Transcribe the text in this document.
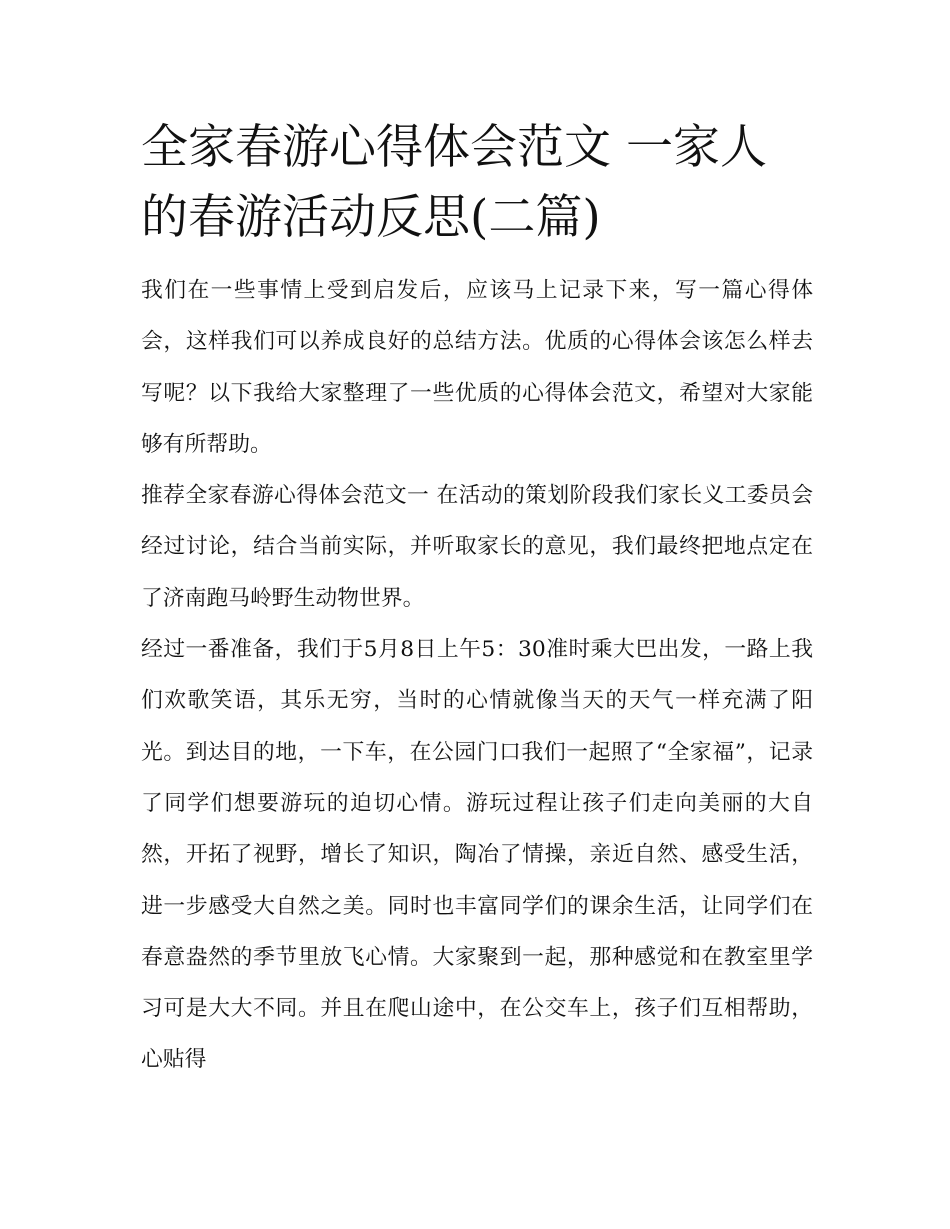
全家春游心得体会范文 一家人的春游活动反思(二篇)

我们在一些事情上受到启发后，应该马上记录下来，写一篇心得体会，这样我们可以养成良好的总结方法。优质的心得体会该怎么样去写呢？以下我给大家整理了一些优质的心得体会范文，希望对大家能够有所帮助。

推荐全家春游心得体会范文一 在活动的策划阶段我们家长义工委员会经过讨论，结合当前实际，并听取家长的意见，我们最终把地点定在了济南跑马岭野生动物世界。

经过一番准备，我们于5月8日上午5：30准时乘大巴出发，一路上我们欢歌笑语，其乐无穷，当时的心情就像当天的天气一样充满了阳光。到达目的地，一下车，在公园门口我们一起照了“全家福”，记录了同学们想要游玩的迫切心情。游玩过程让孩子们走向美丽的大自然，开拓了视野，增长了知识，陶冶了情操，亲近自然、感受生活，进一步感受大自然之美。同时也丰富同学们的课余生活，让同学们在春意盎然的季节里放飞心情。大家聚到一起，那种感觉和在教室里学习可是大大不同。并且在爬山途中，在公交车上，孩子们互相帮助，心贴得
